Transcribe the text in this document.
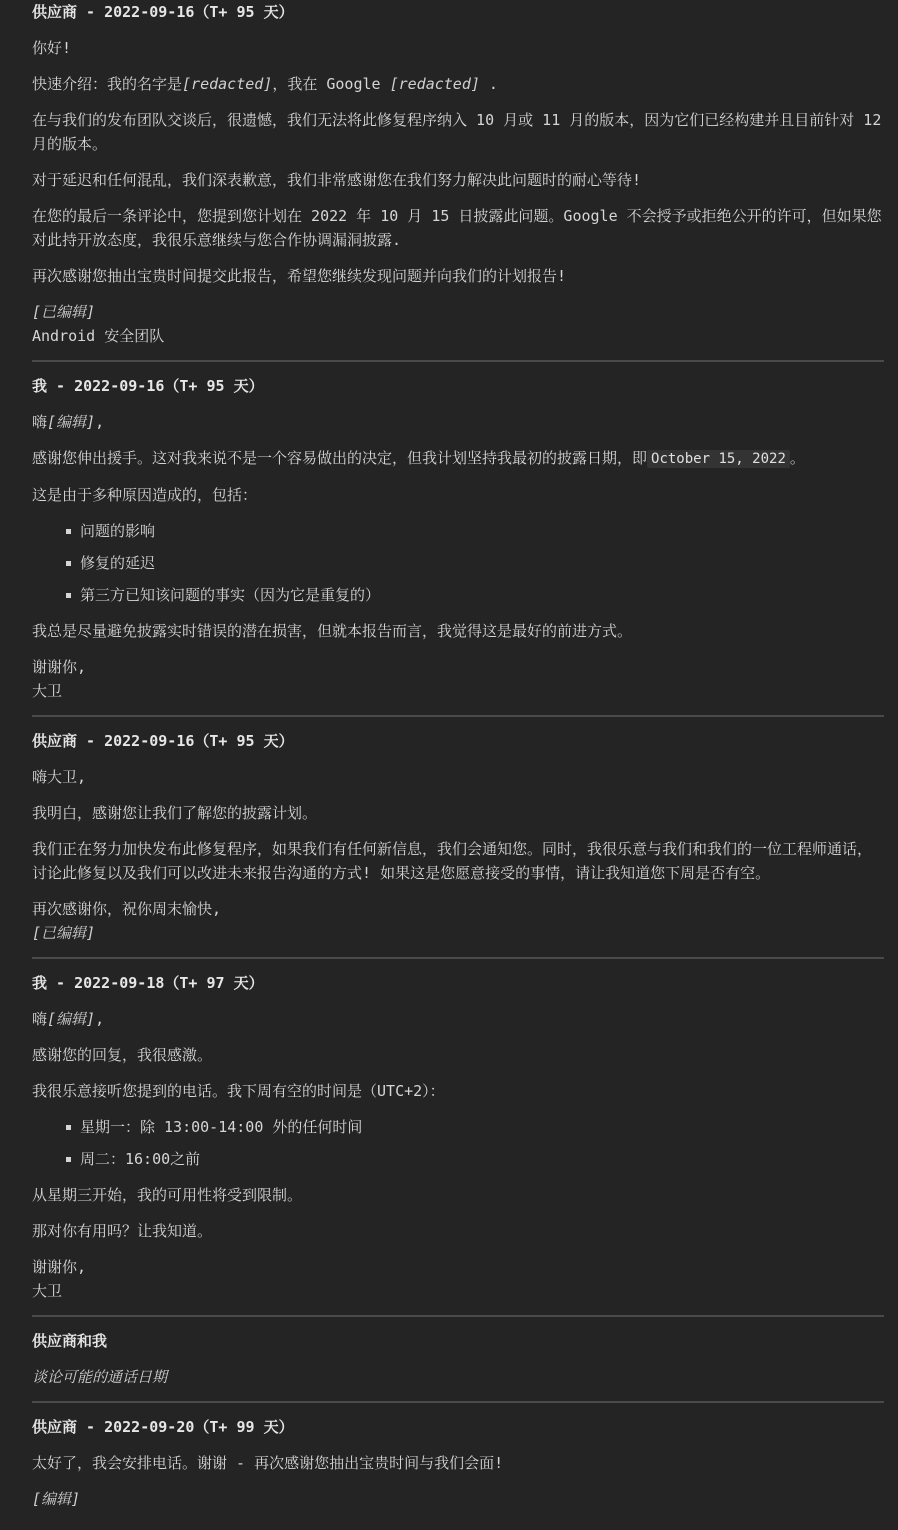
供应商 - 2022-09-16（T+ 95 天）

你好!

快速介绍：我的名字是[redacted]，我在 Google [redacted] .

在与我们的发布团队交谈后，很遗憾，我们无法将此修复程序纳入 10 月或 11 月的版本，因为它们已经构建并且目前针对 12 月的版本。

对于延迟和任何混乱，我们深表歉意，我们非常感谢您在我们努力解决此问题时的耐心等待!

在您的最后一条评论中，您提到您计划在 2022 年 10 月 15 日披露此问题。Google 不会授予或拒绝公开的许可，但如果您对此持开放态度，我很乐意继续与您合作协调漏洞披露.

再次感谢您抽出宝贵时间提交此报告，希望您继续发现问题并向我们的计划报告!

[已编辑]
Android 安全团队

我 - 2022-09-16（T+ 95 天）

嗨[编辑],

感谢您伸出援手。这对我来说不是一个容易做出的决定，但我计划坚持我最初的披露日期，即 October 15, 2022 。

这是由于多种原因造成的，包括：

问题的影响
修复的延迟
第三方已知该问题的事实（因为它是重复的）

我总是尽量避免披露实时错误的潜在损害，但就本报告而言，我觉得这是最好的前进方式。

谢谢你,
大卫

供应商 - 2022-09-16（T+ 95 天）

嗨大卫,

我明白，感谢您让我们了解您的披露计划。

我们正在努力加快发布此修复程序，如果我们有任何新信息，我们会通知您。同时，我很乐意与我们和我们的一位工程师通话，讨论此修复以及我们可以改进未来报告沟通的方式! 如果这是您愿意接受的事情，请让我知道您下周是否有空。

再次感谢你，祝你周末愉快,
[已编辑]

我 - 2022-09-18（T+ 97 天）

嗨[编辑],

感谢您的回复，我很感激。

我很乐意接听您提到的电话。我下周有空的时间是（UTC+2）：

星期一：除 13:00-14:00 外的任何时间
周二：16:00之前

从星期三开始，我的可用性将受到限制。

那对你有用吗？让我知道。

谢谢你,
大卫

供应商和我

谈论可能的通话日期

供应商 - 2022-09-20（T+ 99 天）

太好了，我会安排电话。谢谢 - 再次感谢您抽出宝贵时间与我们会面!

[编辑]
